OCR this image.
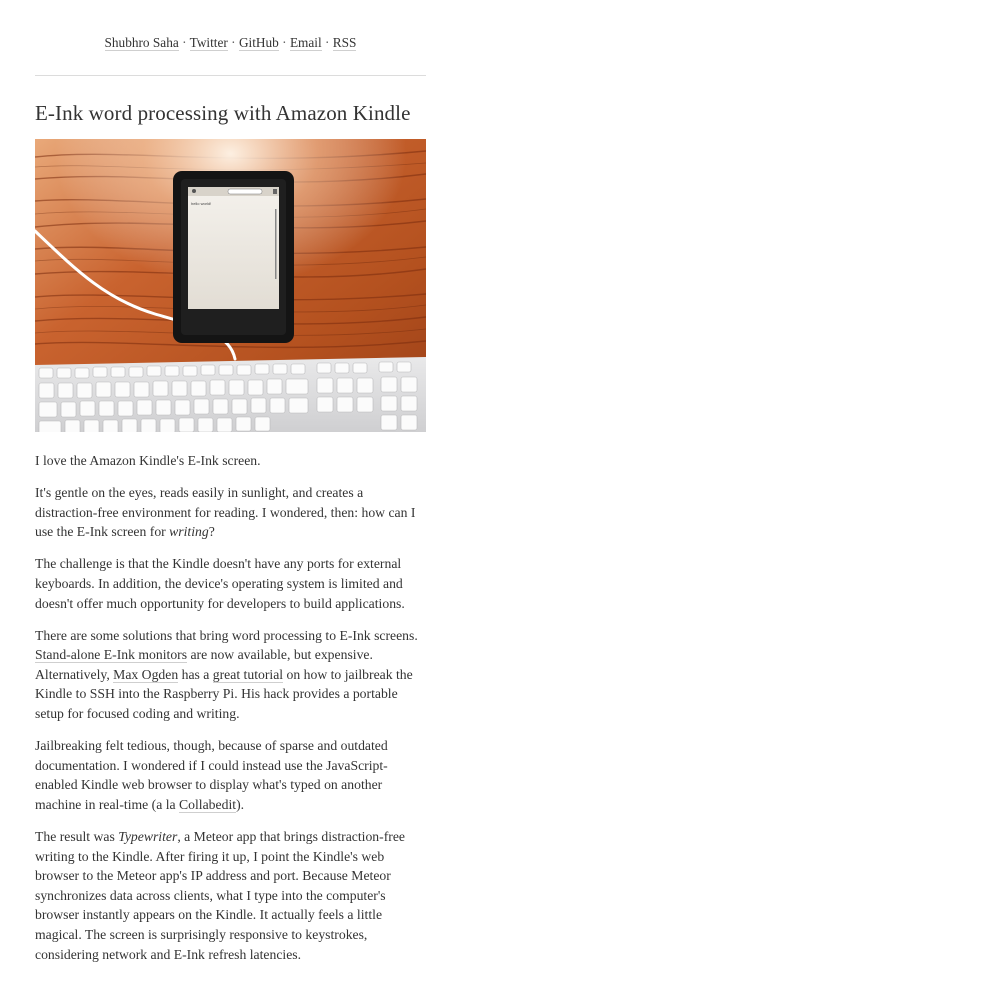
Shubhro Saha · Twitter · GitHub · Email · RSS
E-Ink word processing with Amazon Kindle
hello world!

I love the Amazon Kindle's E-Ink screen.

It's gentle on the eyes, reads easily in sunlight, and creates a distraction-free environment for reading. I wondered, then: how can I use the E-Ink screen for writing?

The challenge is that the Kindle doesn't have any ports for external keyboards. In addition, the device's operating system is limited and doesn't offer much opportunity for developers to build applications.

There are some solutions that bring word processing to E-Ink screens. Stand-alone E-Ink monitors are now available, but expensive. Alternatively, Max Ogden has a great tutorial on how to jailbreak the Kindle to SSH into the Raspberry Pi. His hack provides a portable setup for focused coding and writing.

Jailbreaking felt tedious, though, because of sparse and outdated documentation. I wondered if I could instead use the JavaScript-enabled Kindle web browser to display what's typed on another machine in real-time (a la Collabedit).

The result was Typewriter, a Meteor app that brings distraction-free writing to the Kindle. After firing it up, I point the Kindle's web browser to the Meteor app's IP address and port. Because Meteor synchronizes data across clients, what I type into the computer's browser instantly appears on the Kindle. It actually feels a little magical. The screen is surprisingly responsive to keystrokes, considering network and E-Ink refresh latencies.
